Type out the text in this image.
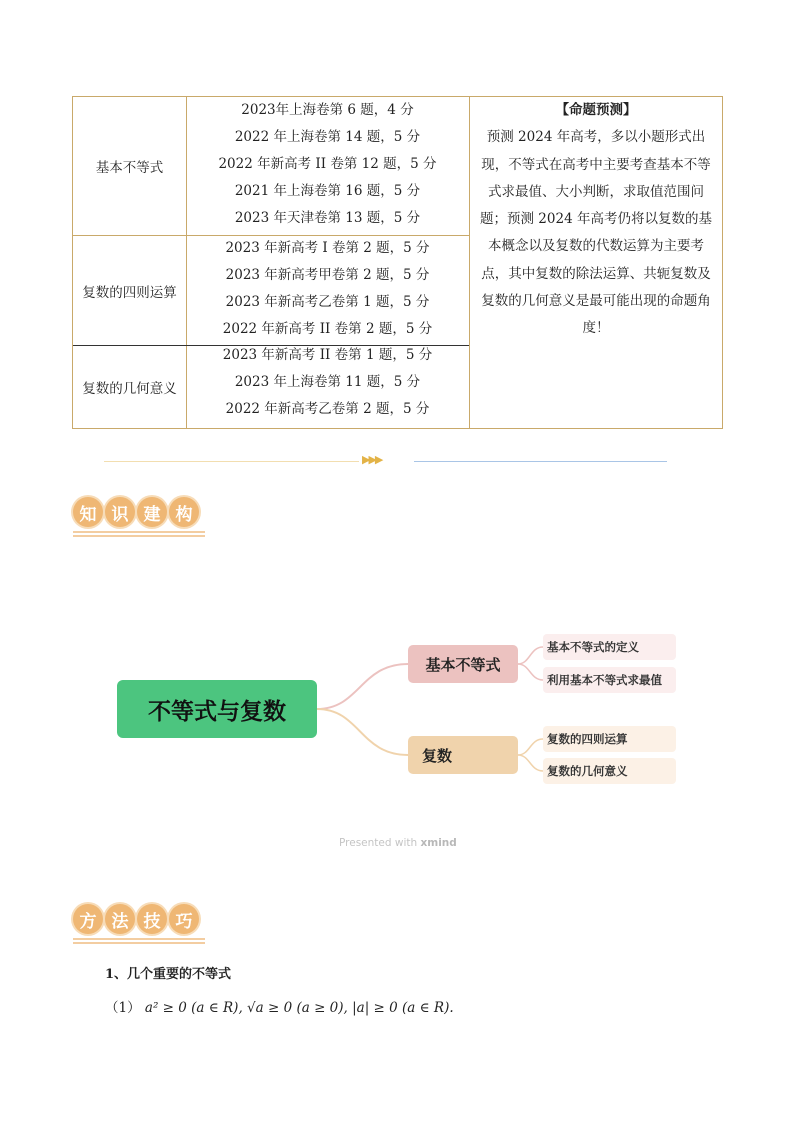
基本不等式
2023年上海卷第 6 题，4 分
2022 年上海卷第 14 题，5 分
2022 年新高考 II 卷第 12 题，5 分
2021 年上海卷第 16 题，5 分
2023 年天津卷第 13 题，5 分
复数的四则运算
2023 年新高考 I 卷第 2 题，5 分
2023 年新高考甲卷第 2 题，5 分
2023 年新高考乙卷第 1 题，5 分
2022 年新高考 II 卷第 2 题，5 分
复数的几何意义
2023 年新高考 II 卷第 1 题，5 分
2023 年上海卷第 11 题，5 分
2022 年新高考乙卷第 2 题，5 分
【命题预测】
预测 2024 年高考，多以小题形式出现，不等式在高考中主要考查基本不等式求最值、大小判断，求取值范围问题；预测 2024 年高考仍将以复数的基本概念以及复数的代数运算为主要考点，其中复数的除法运算、共轭复数及复数的几何意义是最可能出现的命题角度！
▶▶▶
知 识 建 构
不等式与复数
基本不等式
复数
基本不等式的定义
利用基本不等式求最值
复数的四则运算
复数的几何意义
Presented with xmind
方 法 技 巧
1、几个重要的不等式
（1） a² ≥ 0 (a ∈ R), √a ≥ 0 (a ≥ 0), |a| ≥ 0 (a ∈ R).
